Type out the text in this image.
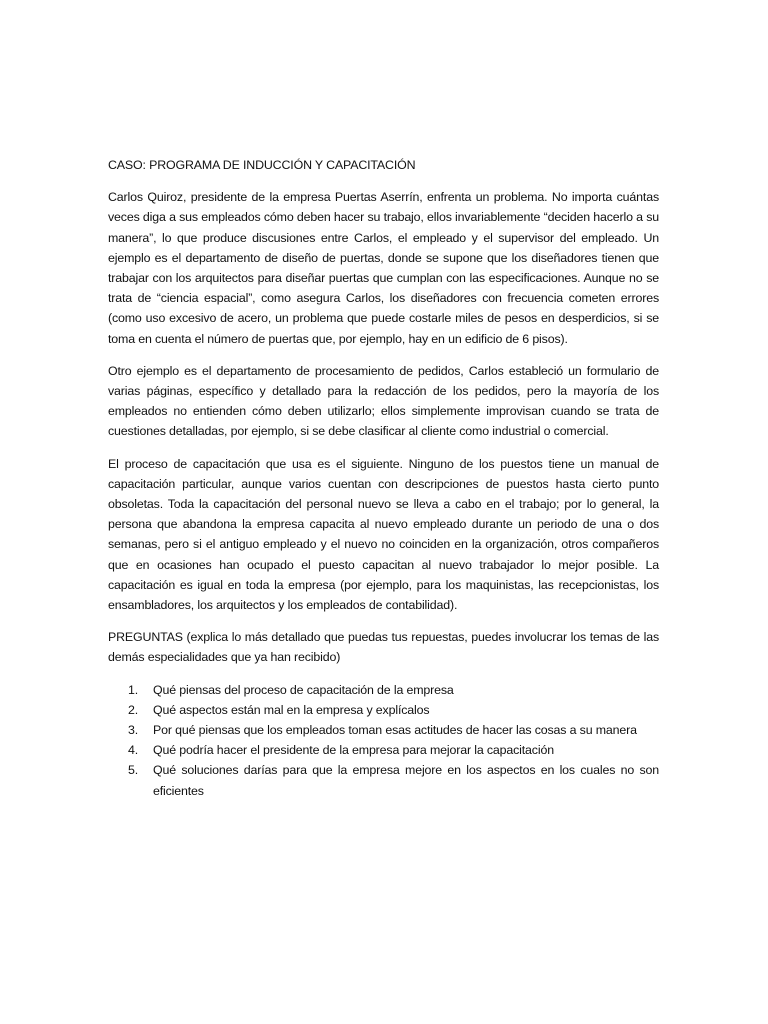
CASO: PROGRAMA DE INDUCCIÓN Y CAPACITACIÓN

Carlos Quiroz, presidente de la empresa Puertas Aserrín, enfrenta un problema. No importa cuántas veces diga a sus empleados cómo deben hacer su trabajo, ellos invariablemente “deciden hacerlo a su manera”, lo que produce discusiones entre Carlos, el empleado y el supervisor del empleado. Un ejemplo es el departamento de diseño de puertas, donde se supone que los diseñadores tienen que trabajar con los arquitectos para diseñar puertas que cumplan con las especificaciones. Aunque no se trata de “ciencia espacial”, como asegura Carlos, los diseñadores con frecuencia cometen errores (como uso excesivo de acero, un problema que puede costarle miles de pesos en desperdicios, si se toma en cuenta el número de puertas que, por ejemplo, hay en un edificio de 6 pisos).

Otro ejemplo es el departamento de procesamiento de pedidos, Carlos estableció un formulario de varias páginas, específico y detallado para la redacción de los pedidos, pero la mayoría de los empleados no entienden cómo deben utilizarlo; ellos simplemente improvisan cuando se trata de cuestiones detalladas, por ejemplo, si se debe clasificar al cliente como industrial o comercial.

El proceso de capacitación que usa es el siguiente. Ninguno de los puestos tiene un manual de capacitación particular, aunque varios cuentan con descripciones de puestos hasta cierto punto obsoletas. Toda la capacitación del personal nuevo se lleva a cabo en el trabajo; por lo general, la persona que abandona la empresa capacita al nuevo empleado durante un periodo de una o dos semanas, pero si el antiguo empleado y el nuevo no coinciden en la organización, otros compañeros que en ocasiones han ocupado el puesto capacitan al nuevo trabajador lo mejor posible. La capacitación es igual en toda la empresa (por ejemplo, para los maquinistas, las recepcionistas, los ensambladores, los arquitectos y los empleados de contabilidad).

PREGUNTAS (explica lo más detallado que puedas tus repuestas, puedes involucrar los temas de las demás especialidades que ya han recibido)

1.	Qué piensas del proceso de capacitación de la empresa
2.	Qué aspectos están mal en la empresa y explícalos
3.	Por qué piensas que los empleados toman esas actitudes de hacer las cosas a su manera
4.	Qué podría hacer el presidente de la empresa para mejorar la capacitación
5.	Qué soluciones darías para que la empresa mejore en los aspectos en los cuales no son eficientes
